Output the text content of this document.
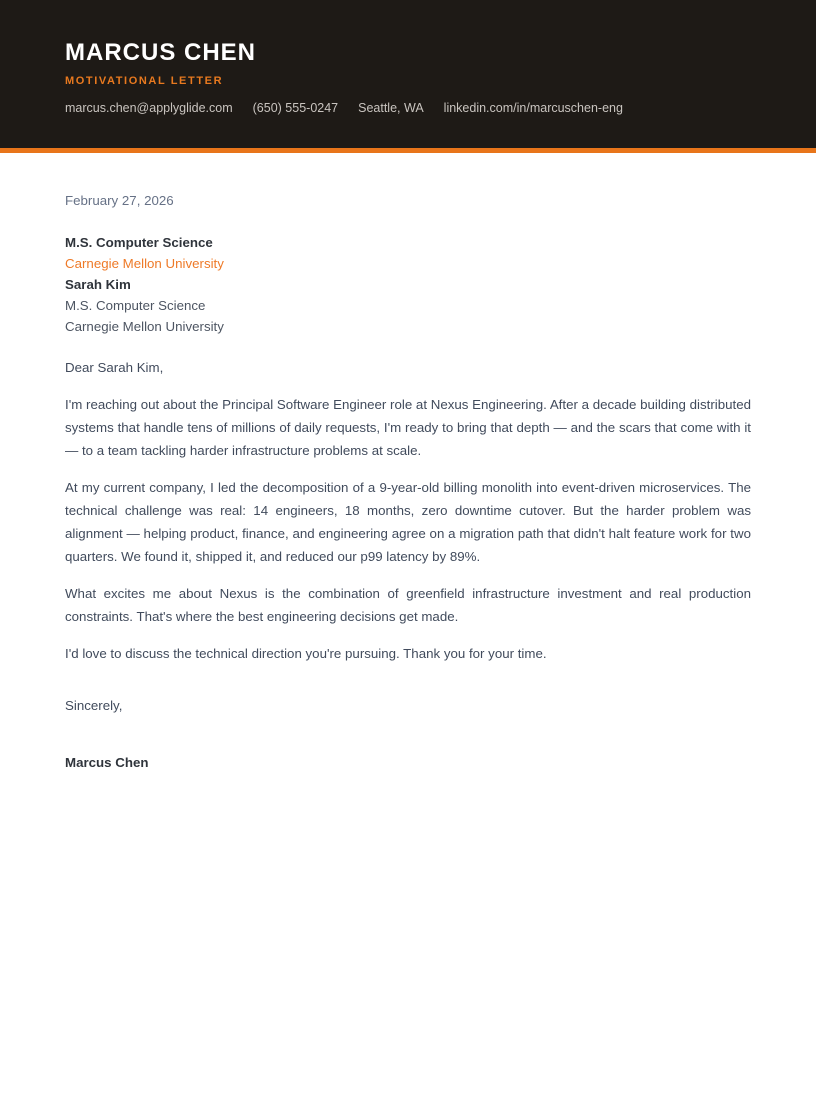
MARCUS CHEN
MOTIVATIONAL LETTER
marcus.chen@applyglide.com (650) 555-0247 Seattle, WA linkedin.com/in/marcuschen-eng
February 27, 2026
M.S. Computer Science
Carnegie Mellon University
Sarah Kim
M.S. Computer Science
Carnegie Mellon University

Dear Sarah Kim,

I'm reaching out about the Principal Software Engineer role at Nexus Engineering. After a decade building distributed systems that handle tens of millions of daily requests, I'm ready to bring that depth — and the scars that come with it — to a team tackling harder infrastructure problems at scale.

At my current company, I led the decomposition of a 9-year-old billing monolith into event-driven microservices. The technical challenge was real: 14 engineers, 18 months, zero downtime cutover. But the harder problem was alignment — helping product, finance, and engineering agree on a migration path that didn't halt feature work for two quarters. We found it, shipped it, and reduced our p99 latency by 89%.

What excites me about Nexus is the combination of greenfield infrastructure investment and real production constraints. That's where the best engineering decisions get made.

I'd love to discuss the technical direction you're pursuing. Thank you for your time.

Sincerely,

Marcus Chen
